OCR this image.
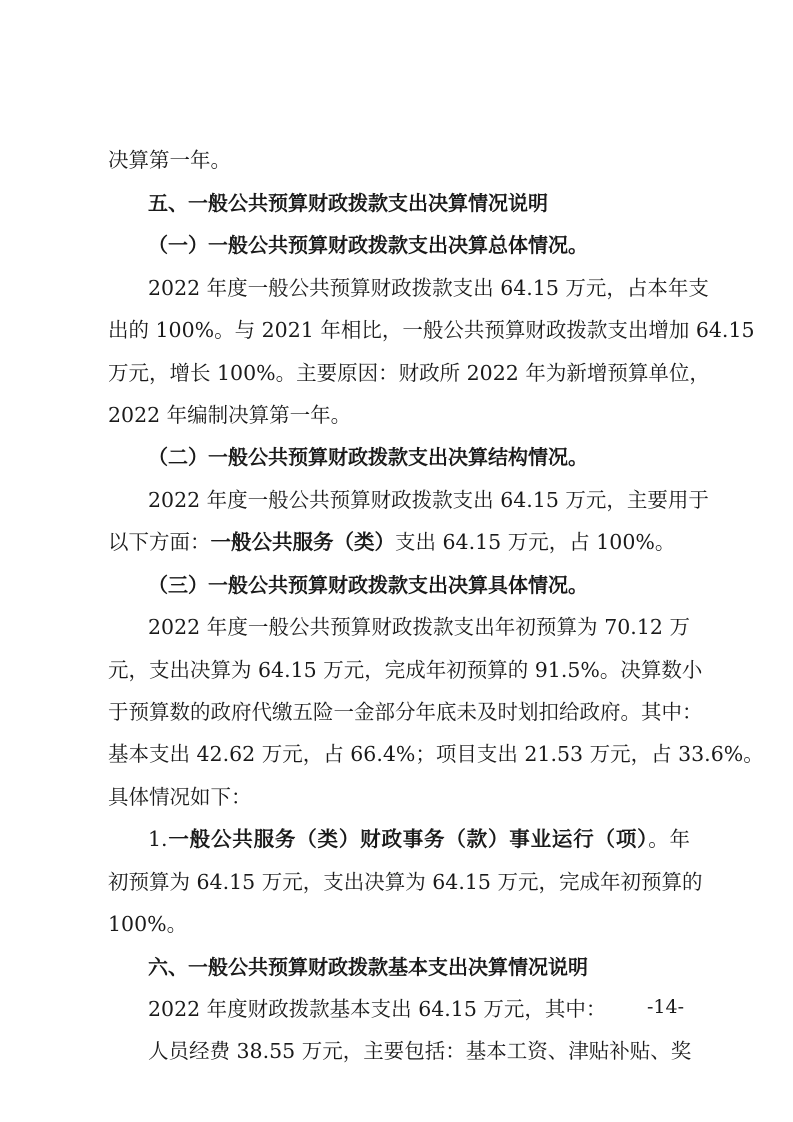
决算第一年。
五、一般公共预算财政拨款支出决算情况说明
（一）一般公共预算财政拨款支出决算总体情况。
2022 年度一般公共预算财政拨款支出 64.15 万元，占本年支
出的 100%。与 2021 年相比，一般公共预算财政拨款支出增加 64.15
万元，增长 100%。主要原因：财政所 2022 年为新增预算单位，
2022 年编制决算第一年。
（二）一般公共预算财政拨款支出决算结构情况。
2022 年度一般公共预算财政拨款支出 64.15 万元，主要用于
以下方面：一般公共服务（类）支出 64.15 万元，占 100%。
（三）一般公共预算财政拨款支出决算具体情况。
2022 年度一般公共预算财政拨款支出年初预算为 70.12 万
元，支出决算为 64.15 万元，完成年初预算的 91.5%。决算数小
于预算数的政府代缴五险一金部分年底未及时划扣给政府。其中：
基本支出 42.62 万元，占 66.4%；项目支出 21.53 万元，占 33.6%。
具体情况如下：
1.一般公共服务（类）财政事务（款）事业运行（项）。年
初预算为 64.15 万元，支出决算为 64.15 万元，完成年初预算的
100%。
六、一般公共预算财政拨款基本支出决算情况说明
2022 年度财政拨款基本支出 64.15 万元，其中：
人员经费 38.55 万元，主要包括：基本工资、津贴补贴、奖
-14-
